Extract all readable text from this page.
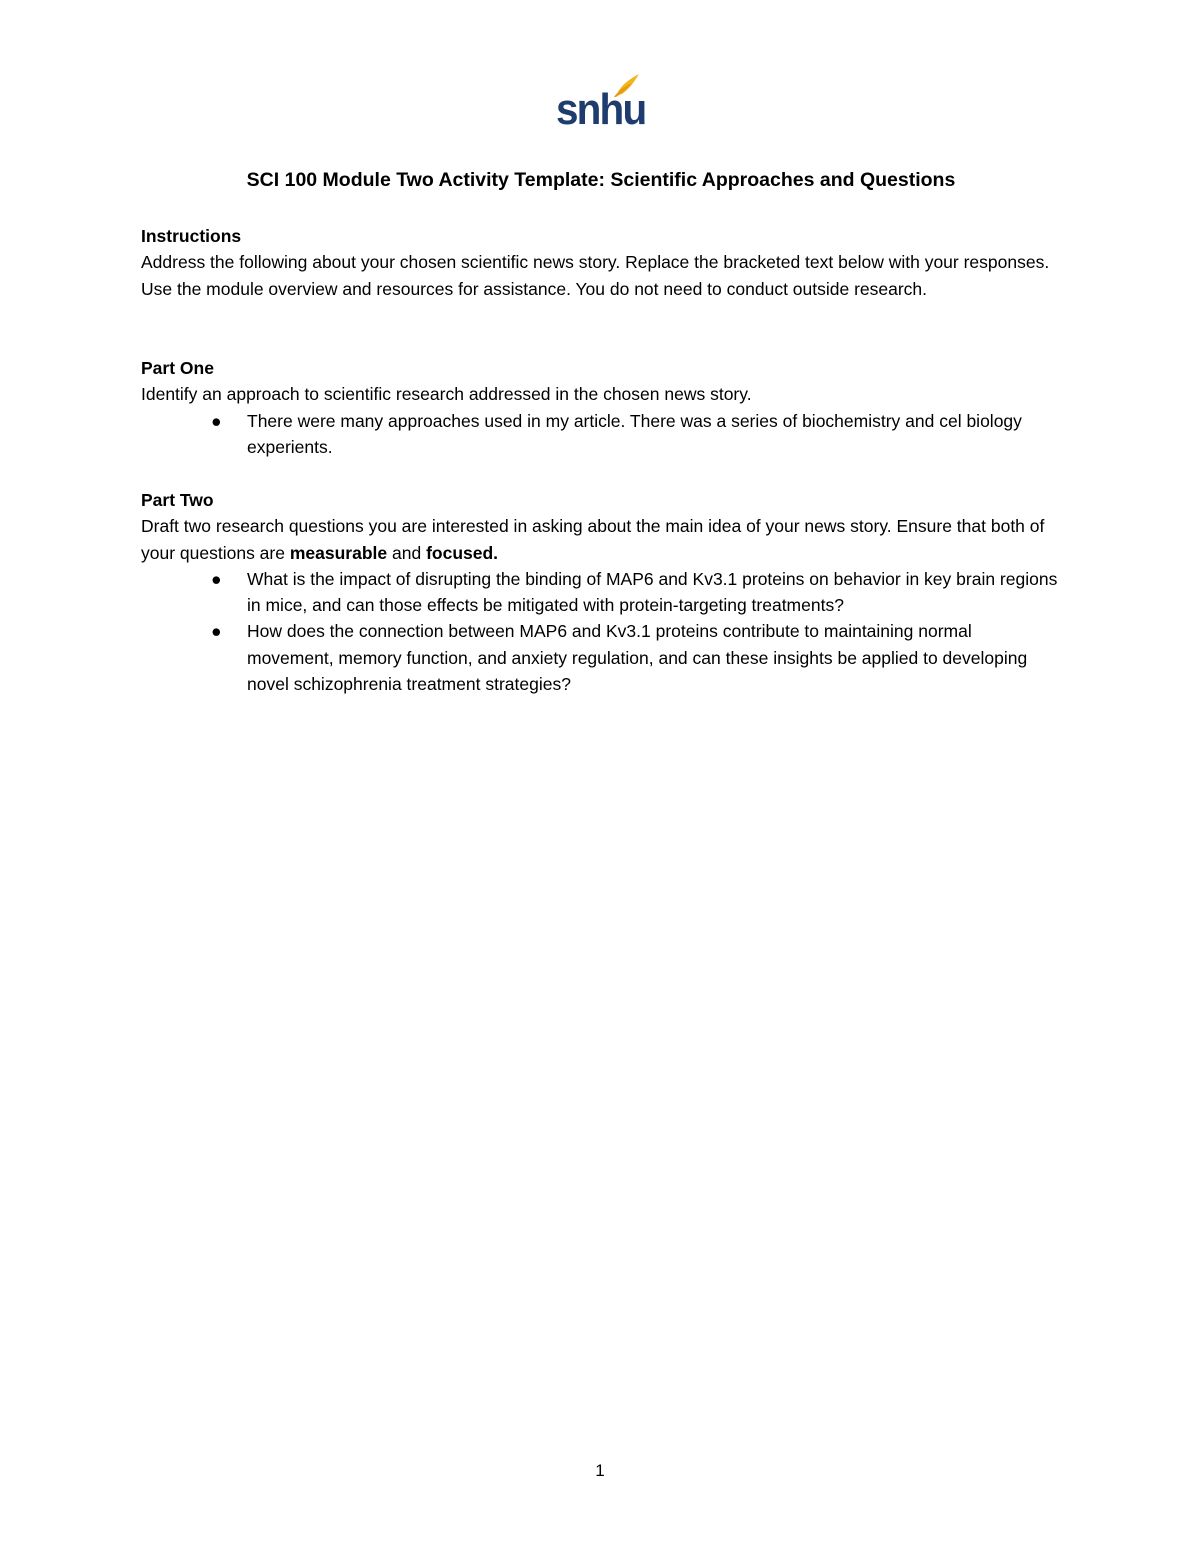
snhu
SCI 100 Module Two Activity Template: Scientific Approaches and Questions

Instructions

Address the following about your chosen scientific news story. Replace the bracketed text below with your responses. Use the module overview and resources for assistance. You do not need to conduct outside research.

Part One

Identify an approach to scientific research addressed in the chosen news story.

● There were many approaches used in my article. There was a series of biochemistry and cel biology experients.

Part Two

Draft two research questions you are interested in asking about the main idea of your news story. Ensure that both of your questions are measurable and focused.

● What is the impact of disrupting the binding of MAP6 and Kv3.1 proteins on behavior in key brain regions in mice, and can those effects be mitigated with protein-targeting treatments?
● How does the connection between MAP6 and Kv3.1 proteins contribute to maintaining normal movement, memory function, and anxiety regulation, and can these insights be applied to developing novel schizophrenia treatment strategies?
1
